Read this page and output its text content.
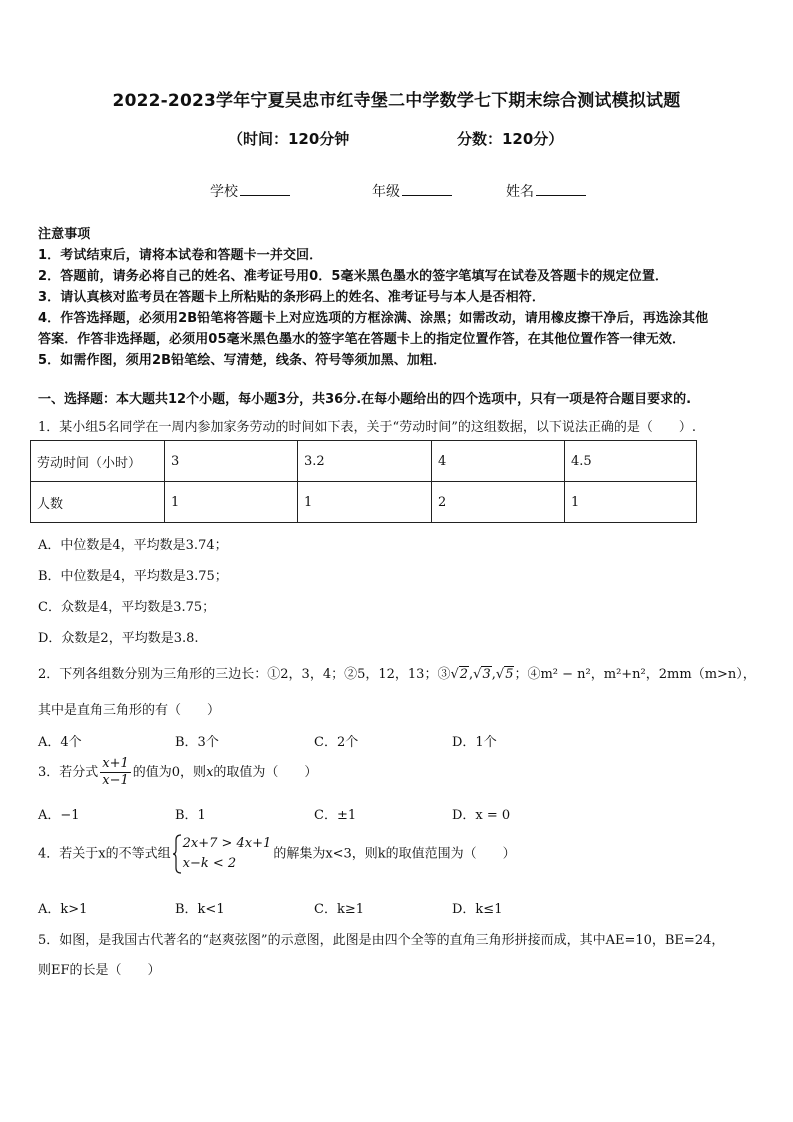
2022-2023学年宁夏吴忠市红寺堡二中学数学七下期末综合测试模拟试题
（时间：120分钟	分数：120分）
学校	年级	姓名
注意事项
1．考试结束后，请将本试卷和答题卡一并交回．
2．答题前，请务必将自己的姓名、准考证号用0．5毫米黑色墨水的签字笔填写在试卷及答题卡的规定位置．
3．请认真核对监考员在答题卡上所粘贴的条形码上的姓名、准考证号与本人是否相符．
4．作答选择题，必须用2B铅笔将答题卡上对应选项的方框涂满、涂黑；如需改动，请用橡皮擦干净后，再选涂其他
答案．作答非选择题，必须用05毫米黑色墨水的签字笔在答题卡上的指定位置作答，在其他位置作答一律无效．
5．如需作图，须用2B铅笔绘、写清楚，线条、符号等须加黑、加粗．
一、选择题：本大题共12个小题，每小题3分，共36分.在每小题给出的四个选项中，只有一项是符合题目要求的.
1．某小组5名同学在一周内参加家务劳动的时间如下表，关于“劳动时间”的这组数据，以下说法正确的是（　　）.
劳动时间（小时）	3	3.2	4	4.5
人数	1	1	2	1
A．中位数是4，平均数是3.74；
B．中位数是4，平均数是3.75；
C．众数是4，平均数是3.75；
D．众数是2，平均数是3.8.
2．下列各组数分别为三角形的三边长：①2，3，4；②5，12，13；③√2,√3,√5；④m² − n²，m²+n²，2mm（m>n），
其中是直角三角形的有（　　）
A．4个	B．3个	C．2个	D．1个
3．若分式 $\frac{x+1}{x-1}$ 的值为0，则x的取值为（　　）
A．−1	B．1	C．±1	D．x = 0
4．若关于x的不等式组
2x+7 > 4x+1
x−k < 2
的解集为x<3，则k的取值范围为（　　）
A．k>1	B．k<1	C．k≥1	D．k≤1
5．如图，是我国古代著名的“赵爽弦图”的示意图，此图是由四个全等的直角三角形拼接而成，其中AE=10，BE=24，
则EF的长是（　　）
